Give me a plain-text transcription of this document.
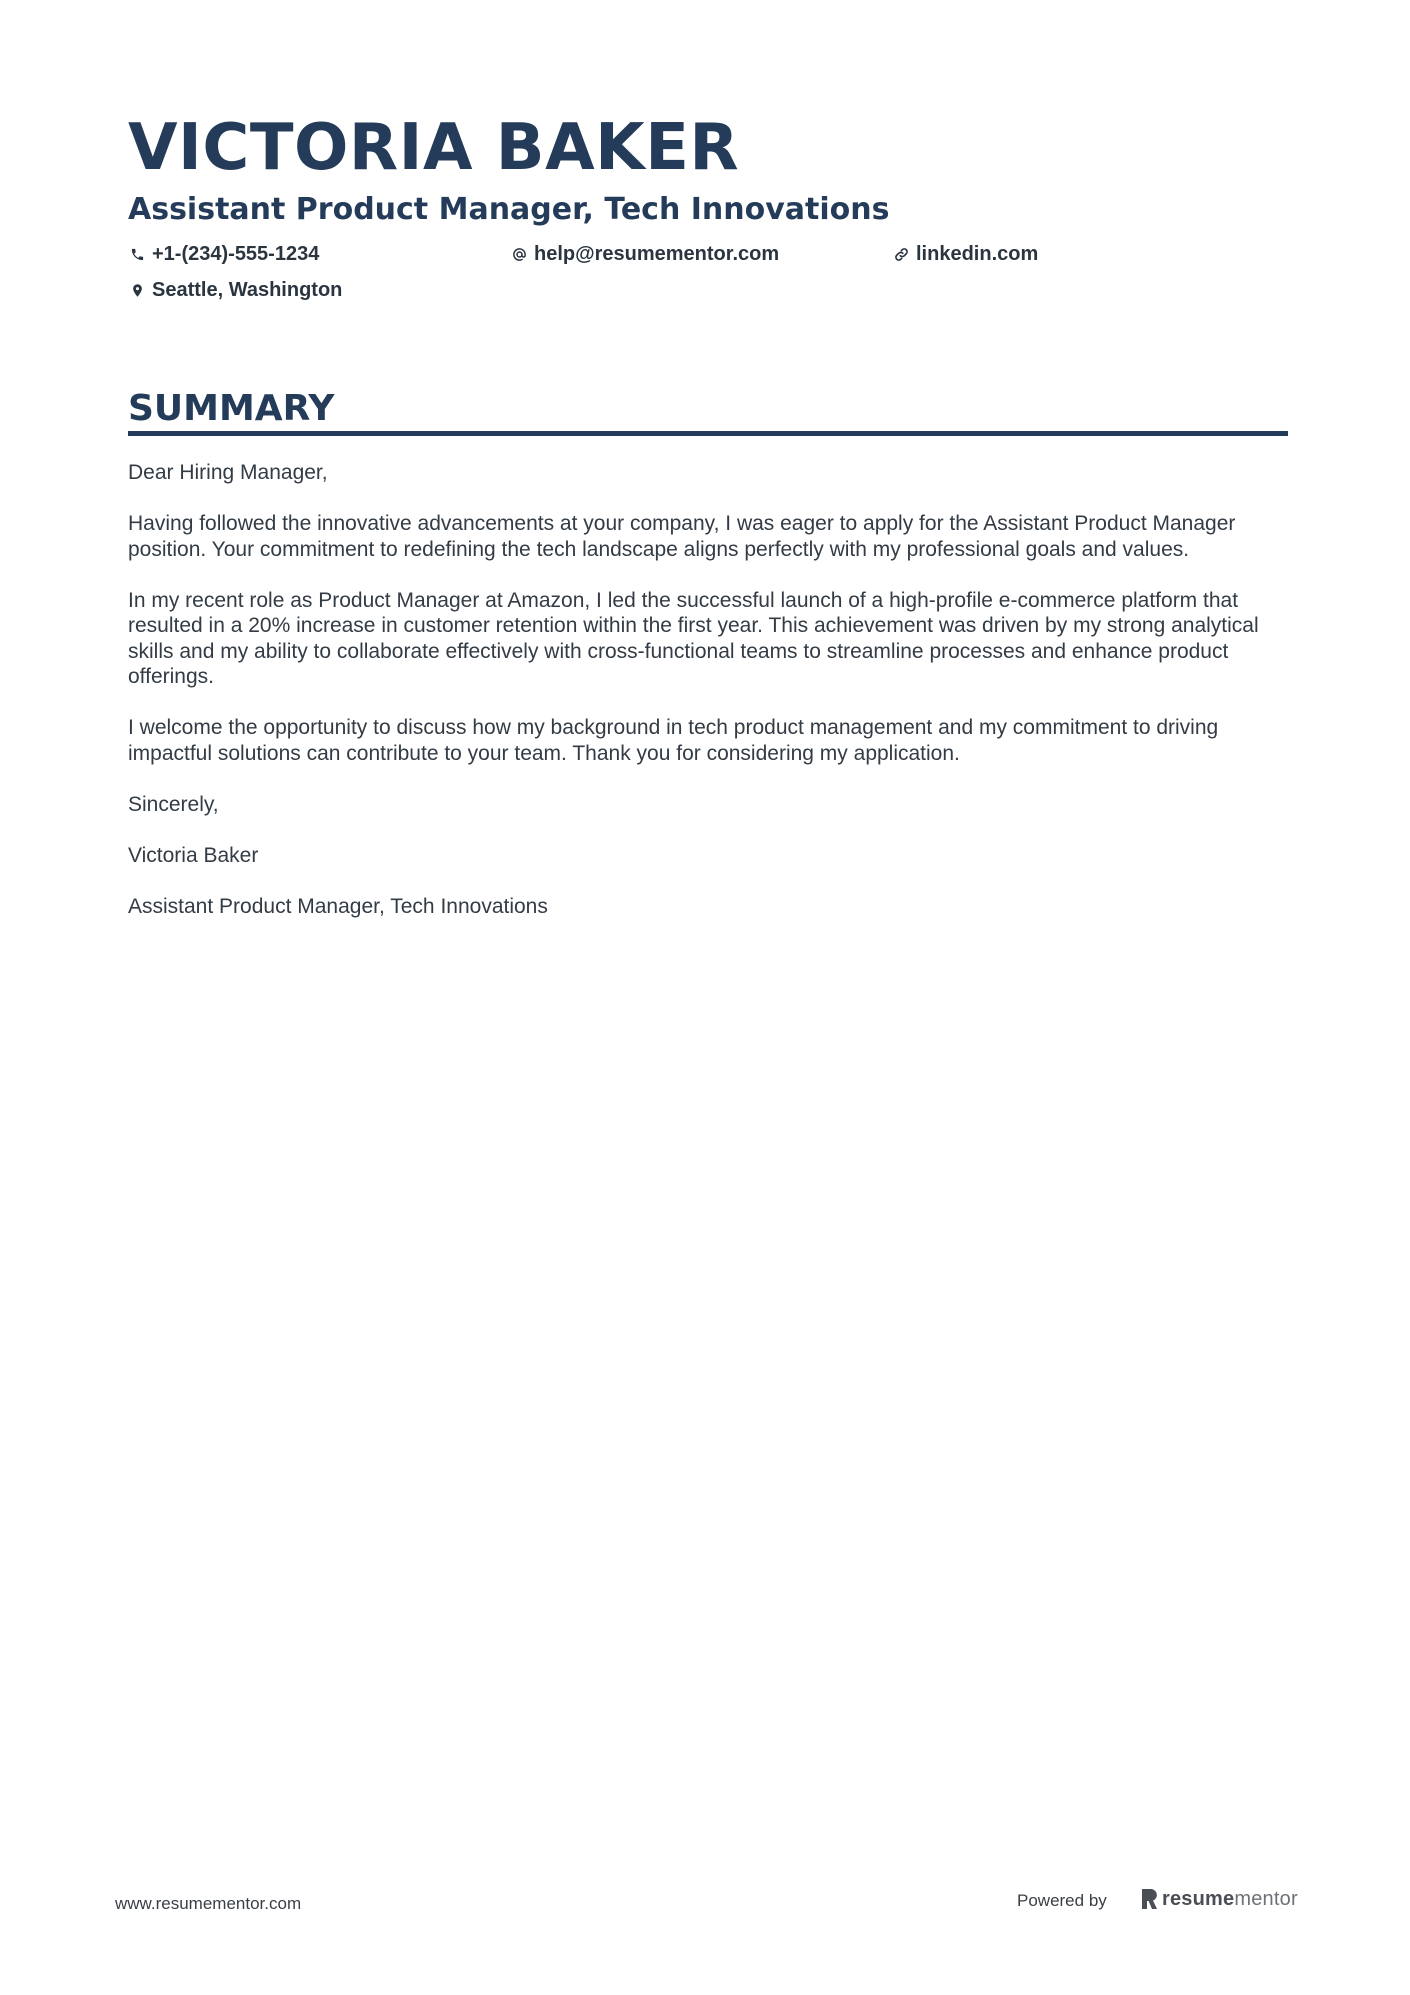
VICTORIA BAKER
Assistant Product Manager, Tech Innovations
+1-(234)-555-1234	help@resumementor.com	linkedin.com
Seattle, Washington
SUMMARY

Dear Hiring Manager,

Having followed the innovative advancements at your company, I was eager to apply for the Assistant Product Manager position. Your commitment to redefining the tech landscape aligns perfectly with my professional goals and values.

In my recent role as Product Manager at Amazon, I led the successful launch of a high-profile e-commerce platform that resulted in a 20% increase in customer retention within the first year. This achievement was driven by my strong analytical skills and my ability to collaborate effectively with cross-functional teams to streamline processes and enhance product offerings.

I welcome the opportunity to discuss how my background in tech product management and my commitment to driving impactful solutions can contribute to your team. Thank you for considering my application.

Sincerely,

Victoria Baker

Assistant Product Manager, Tech Innovations

www.resumementor.com	Powered by	resumementor
